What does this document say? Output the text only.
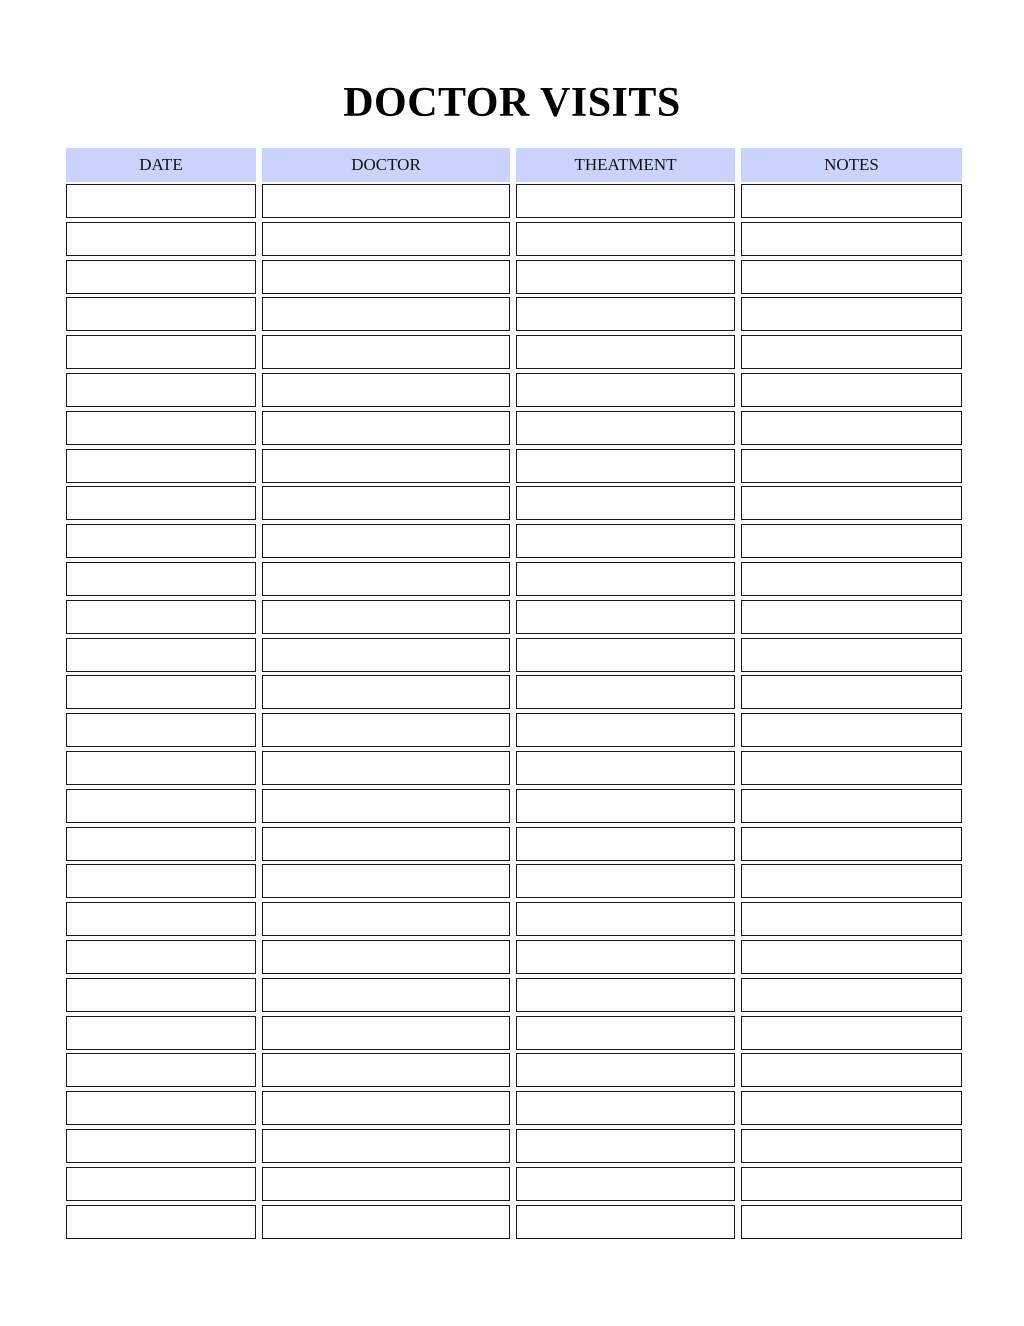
DOCTOR VISITS
DATE	DOCTOR	THEATMENT	NOTES
